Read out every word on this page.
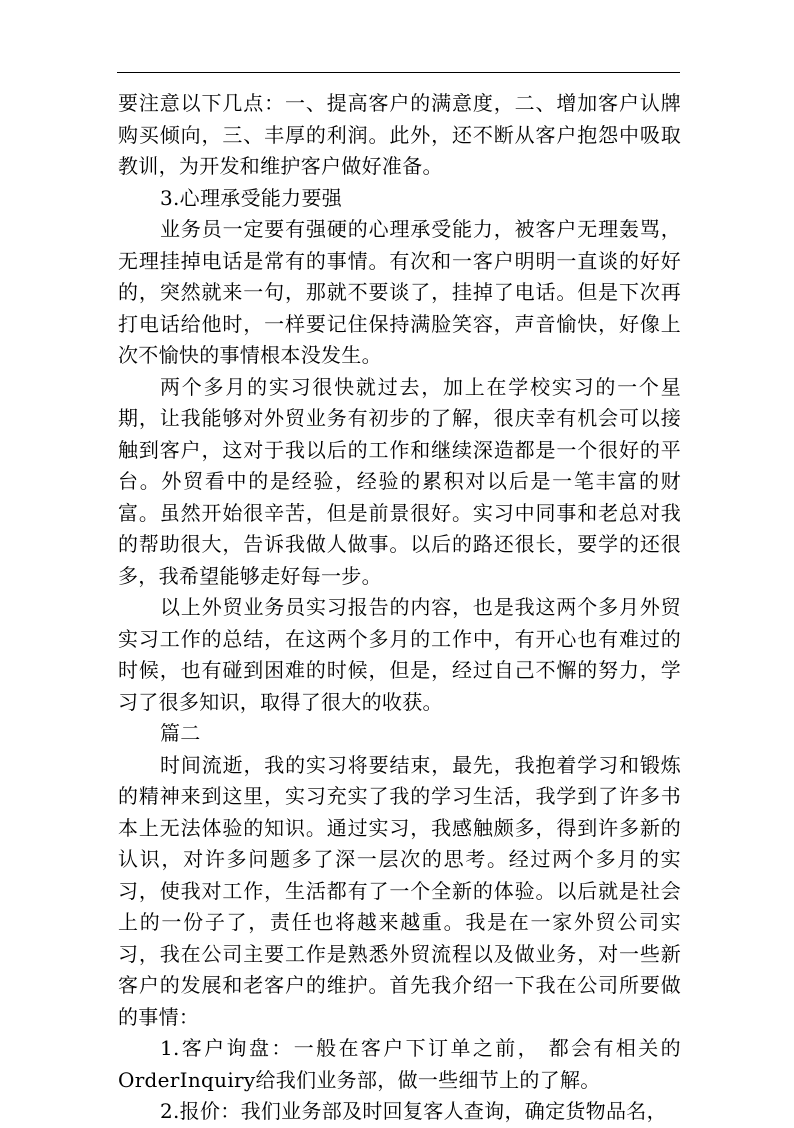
要注意以下几点：一、提高客户的满意度，二、增加客户认牌购买倾向，三、丰厚的利润。此外，还不断从客户抱怨中吸取教训，为开发和维护客户做好准备。

3.心理承受能力要强

业务员一定要有强硬的心理承受能力，被客户无理轰骂，无理挂掉电话是常有的事情。有次和一客户明明一直谈的好好的，突然就来一句，那就不要谈了，挂掉了电话。但是下次再打电话给他时，一样要记住保持满脸笑容，声音愉快，好像上次不愉快的事情根本没发生。

两个多月的实习很快就过去，加上在学校实习的一个星期，让我能够对外贸业务有初步的了解，很庆幸有机会可以接触到客户，这对于我以后的工作和继续深造都是一个很好的平台。外贸看中的是经验，经验的累积对以后是一笔丰富的财富。虽然开始很辛苦，但是前景很好。实习中同事和老总对我的帮助很大，告诉我做人做事。以后的路还很长，要学的还很多，我希望能够走好每一步。

以上外贸业务员实习报告的内容，也是我这两个多月外贸实习工作的总结，在这两个多月的工作中，有开心也有难过的时候，也有碰到困难的时候，但是，经过自己不懈的努力，学习了很多知识，取得了很大的收获。

篇二

时间流逝，我的实习将要结束，最先，我抱着学习和锻炼的精神来到这里，实习充实了我的学习生活，我学到了许多书本上无法体验的知识。通过实习，我感触颇多，得到许多新的认识，对许多问题多了深一层次的思考。经过两个多月的实习，使我对工作，生活都有了一个全新的体验。以后就是社会上的一份子了，责任也将越来越重。我是在一家外贸公司实习，我在公司主要工作是熟悉外贸流程以及做业务，对一些新客户的发展和老客户的维护。首先我介绍一下我在公司所要做的事情：

1.客户询盘：一般在客户下订单之前， 都会有相关的OrderInquiry给我们业务部，做一些细节上的了解。

2.报价：我们业务部及时回复客人查询，确定货物品名，
